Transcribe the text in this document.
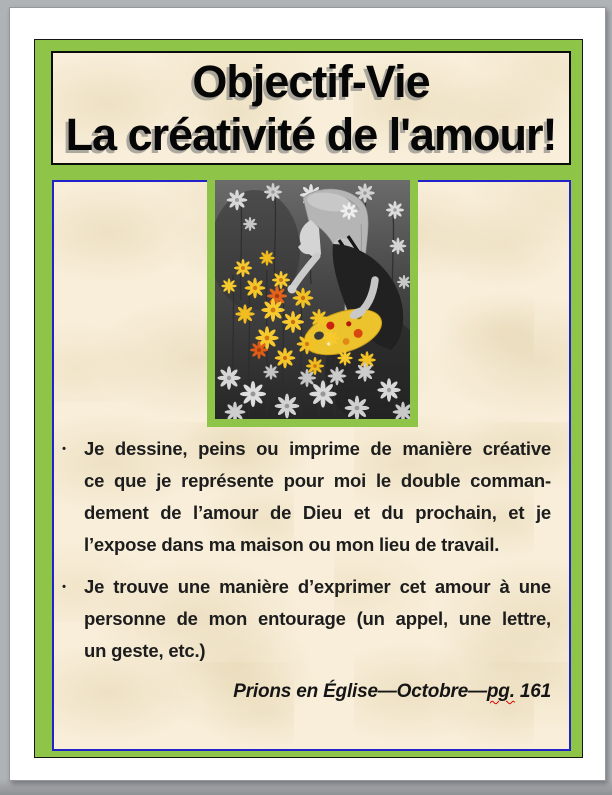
Objectif-Vie
La créativité de l'amour!
• Je dessine, peins ou imprime de manière créative
ce que je représente pour moi le double comman-
dement de l’amour de Dieu et du prochain, et je
l’expose dans ma maison ou mon lieu de travail.
• Je trouve une manière d’exprimer cet amour à une
personne de mon entourage (un appel, une lettre,
un geste, etc.)
Prions en Église—Octobre—pg. 161
